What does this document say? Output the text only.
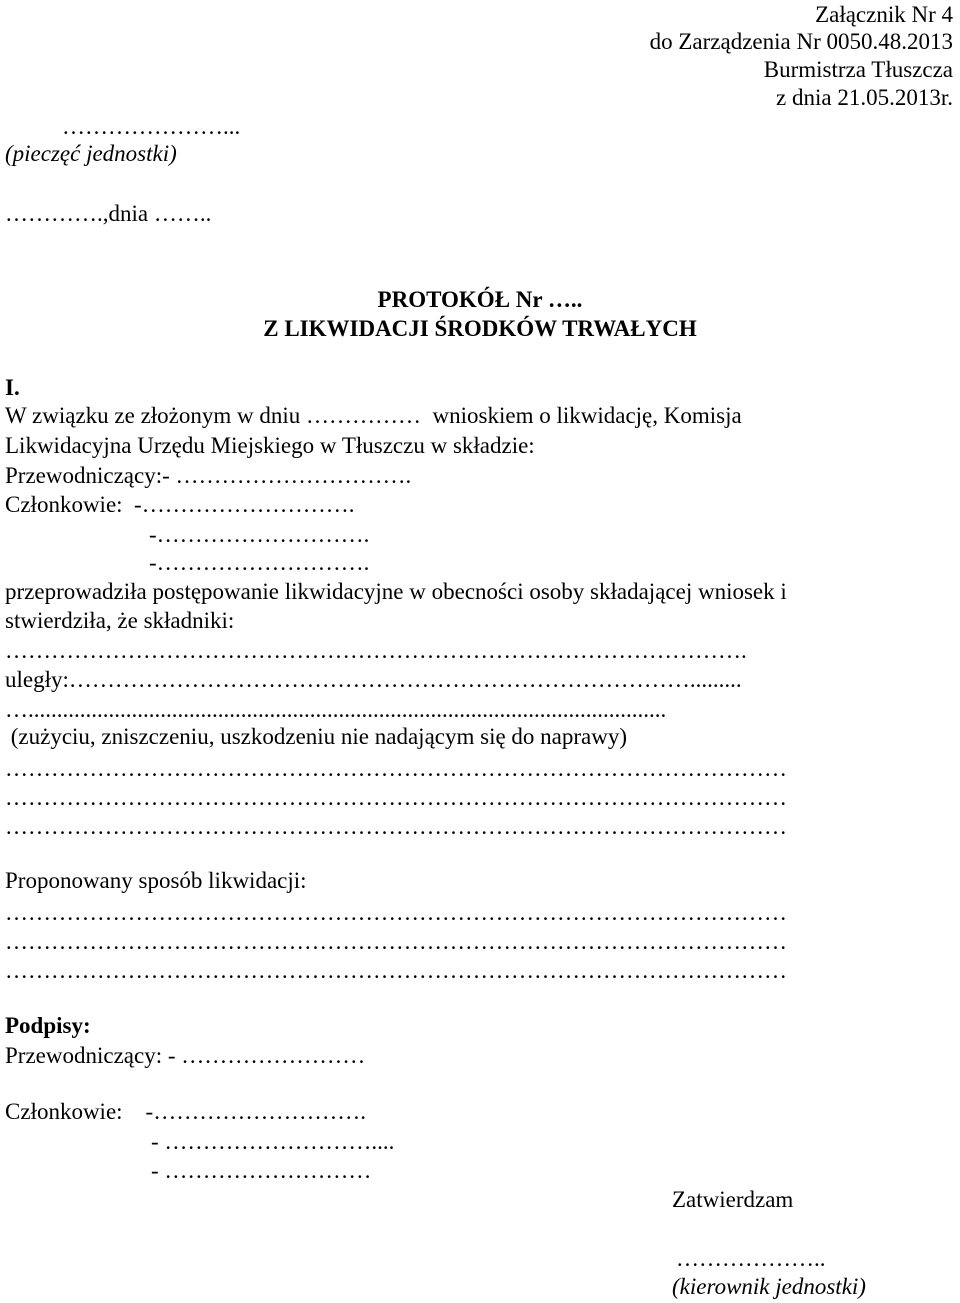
Załącznik Nr 4
do Zarządzenia Nr 0050.48.2013
Burmistrza Tłuszcza
z dnia 21.05.2013r.
…………………...
(pieczęć jednostki)
………….,dnia ……..
PROTOKÓŁ Nr …..
Z LIKWIDACJI ŚRODKÓW TRWAŁYCH
I.
W związku ze złożonym w dniu ……………  wnioskiem o likwidację, Komisja
Likwidacyjna Urzędu Miejskiego w Tłuszczu w składzie:
Przewodniczący:- ………………………….
Członkowie:  -……………………….
-……………………….
-……………………….
przeprowadziła postępowanie likwidacyjne w obecności osoby składającej wniosek i
stwierdziła, że składniki:
…………………………………………………………………………………….
uległy:……………………………………………………………………….........
…...............................................................................................................
(zużyciu, zniszczeniu, uszkodzeniu nie nadającym się do naprawy)
…………………………………………………………………………………………
…………………………………………………………………………………………
…………………………………………………………………………………………
Proponowany sposób likwidacji:
…………………………………………………………………………………………
…………………………………………………………………………………………
…………………………………………………………………………………………
Podpisy:
Przewodniczący: - ……………………
Członkowie:    -……………………….
- ………………………....
- ………………………
Zatwierdzam
………………..
(kierownik jednostki)
